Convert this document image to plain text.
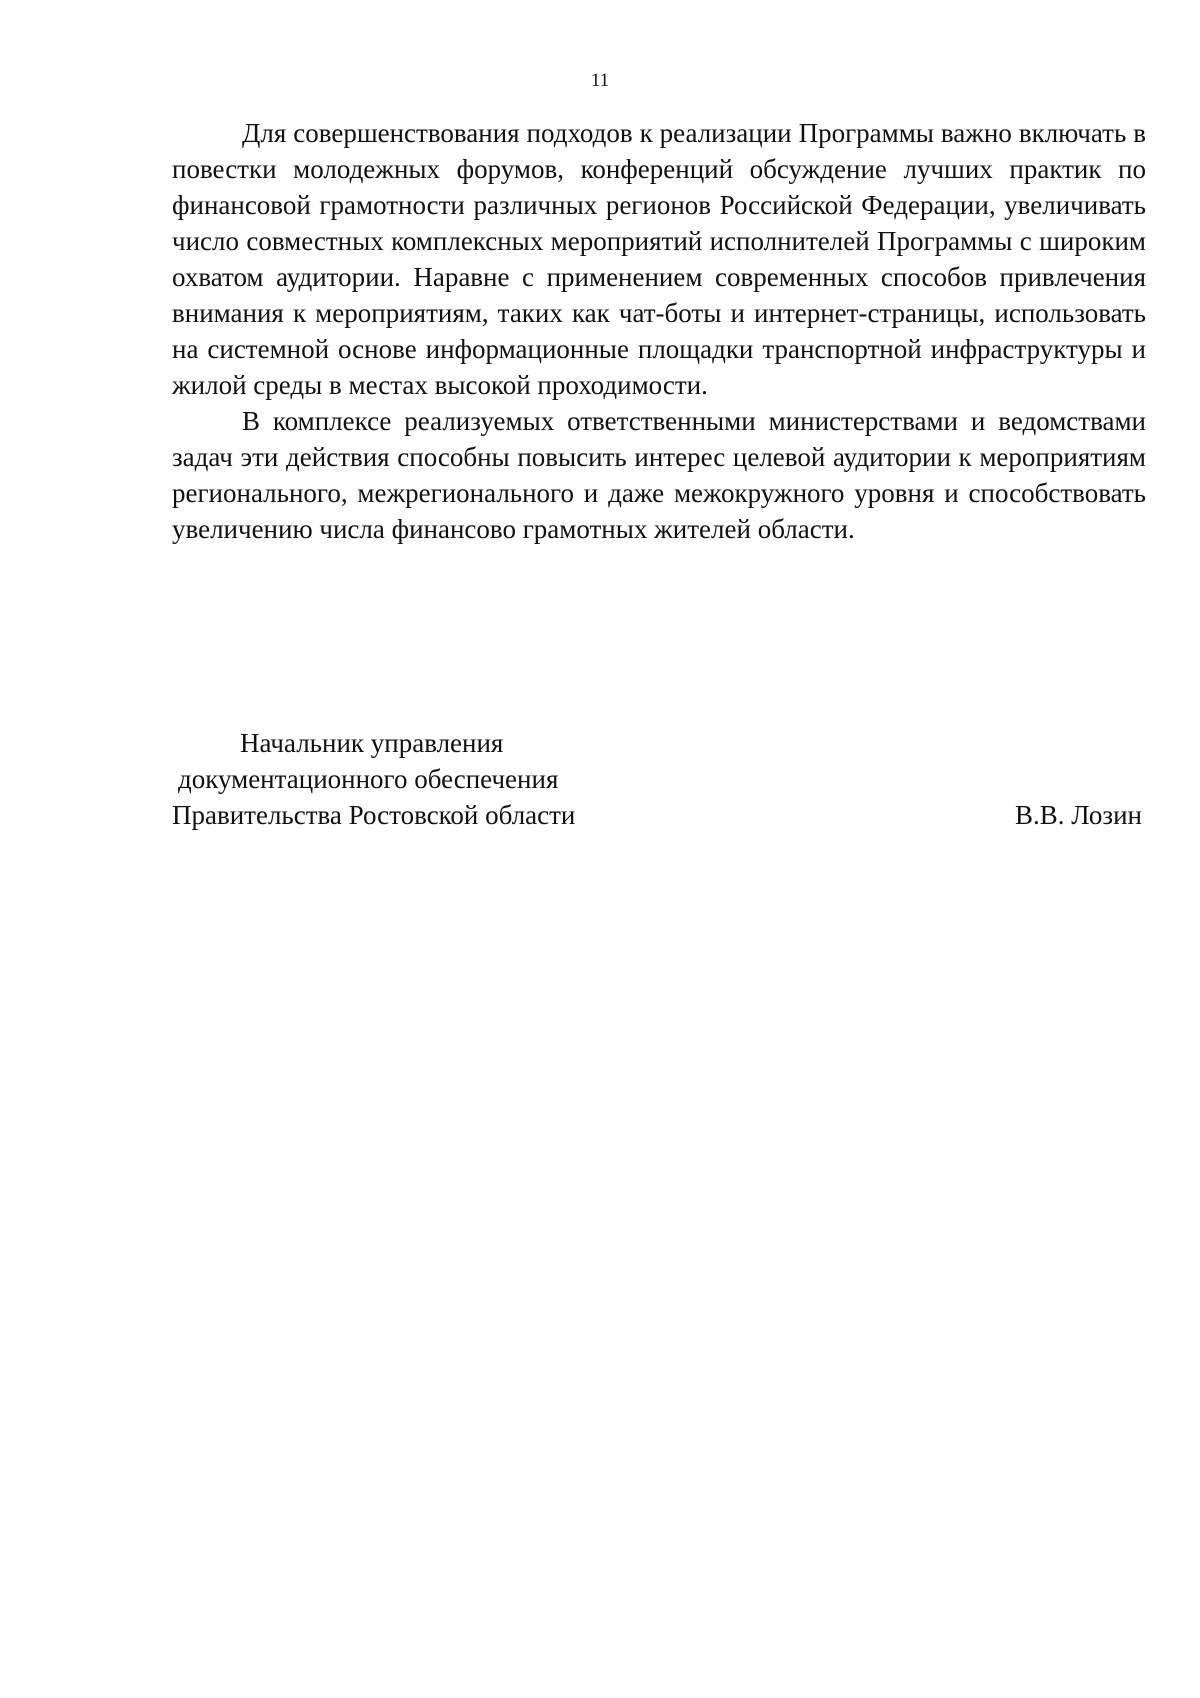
11

Для совершенствования подходов к реализации Программы важно включать в повестки молодежных форумов, конференций обсуждение лучших практик по финансовой грамотности различных регионов Российской Федерации, увеличивать число совместных комплексных мероприятий исполнителей Программы с широким охватом аудитории. Наравне с применением современных способов привлечения внимания к мероприятиям, таких как чат-боты и интернет-страницы, использовать на системной основе информационные площадки транспортной инфраструктуры и жилой среды в местах высокой проходимости.

В комплексе реализуемых ответственными министерствами и ведомствами задач эти действия способны повысить интерес целевой аудитории к мероприятиям регионального, межрегионального и даже межокружного уровня и способствовать увеличению числа финансово грамотных жителей области.

Начальник управления
документационного обеспечения
Правительства Ростовской области	В.В. Лозин
